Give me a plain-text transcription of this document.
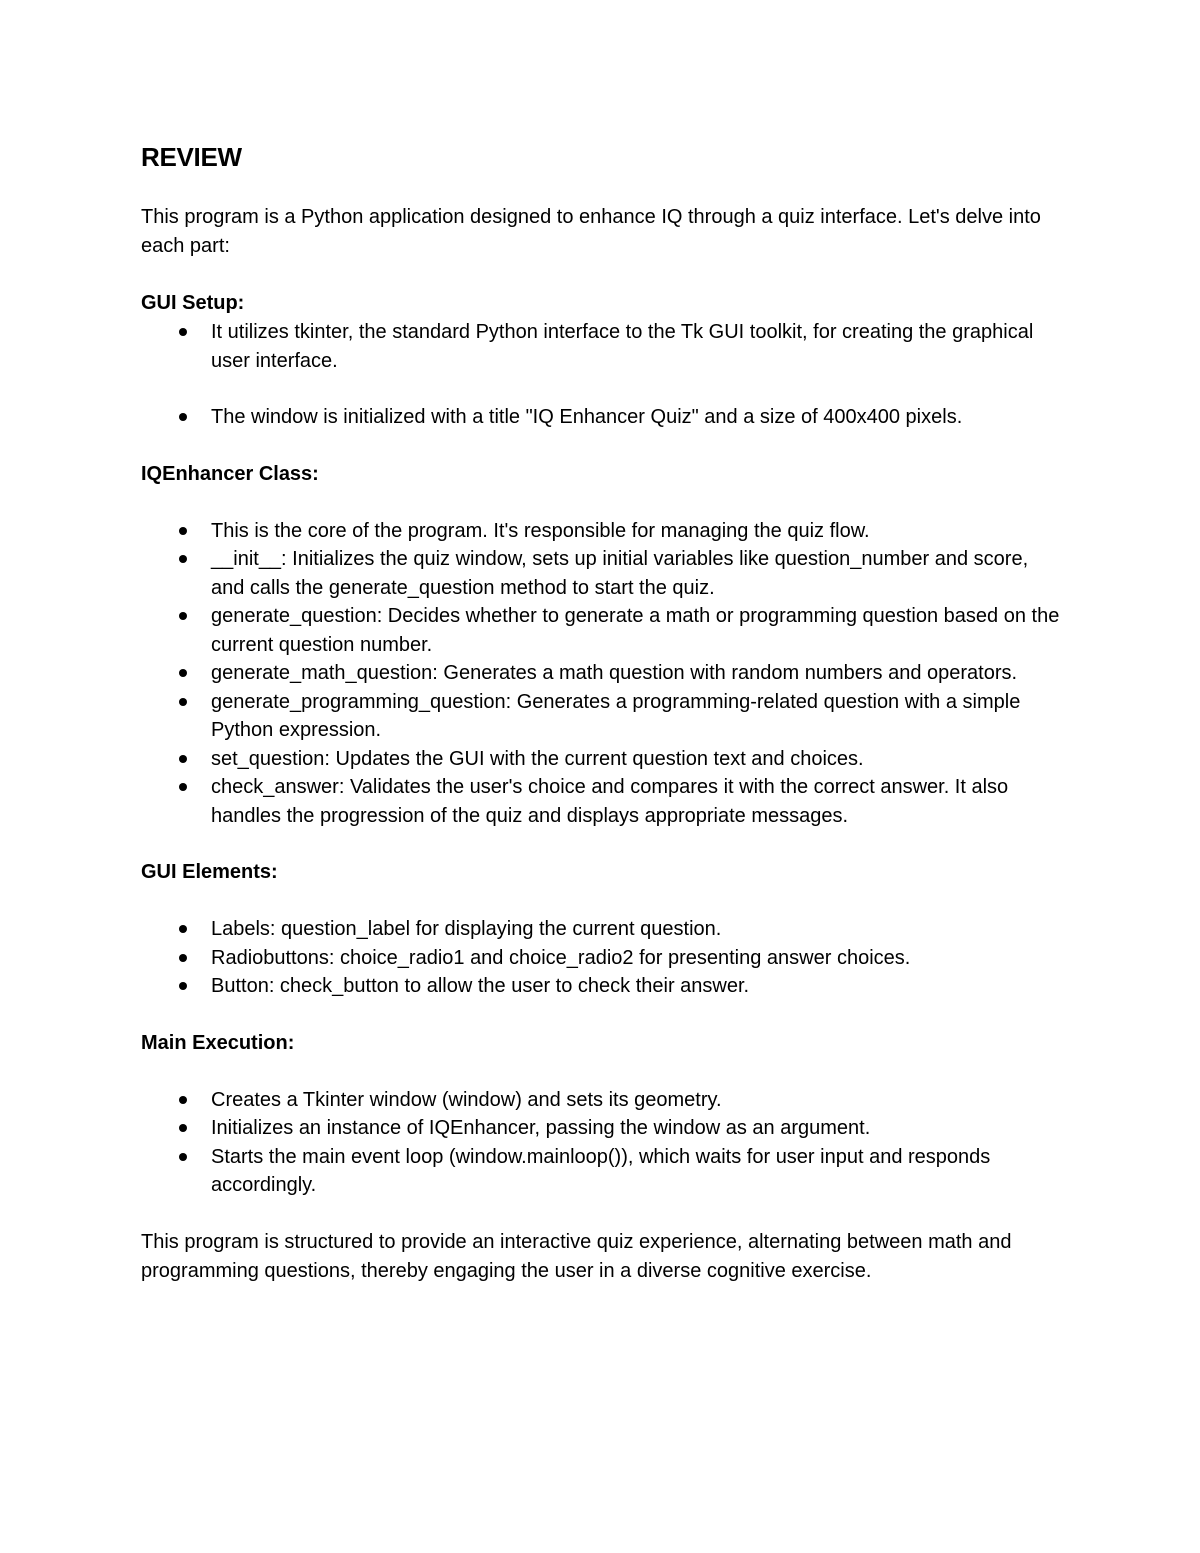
REVIEW

This program is a Python application designed to enhance IQ through a quiz interface. Let's delve into each part:

GUI Setup:
It utilizes tkinter, the standard Python interface to the Tk GUI toolkit, for creating the graphical user interface.
The window is initialized with a title "IQ Enhancer Quiz" and a size of 400x400 pixels.
IQEnhancer Class:
This is the core of the program. It's responsible for managing the quiz flow.
__init__: Initializes the quiz window, sets up initial variables like question_number and score, and calls the generate_question method to start the quiz.
generate_question: Decides whether to generate a math or programming question based on the current question number.
generate_math_question: Generates a math question with random numbers and operators.
generate_programming_question: Generates a programming-related question with a simple Python expression.
set_question: Updates the GUI with the current question text and choices.
check_answer: Validates the user's choice and compares it with the correct answer. It also handles the progression of the quiz and displays appropriate messages.
GUI Elements:
Labels: question_label for displaying the current question.
Radiobuttons: choice_radio1 and choice_radio2 for presenting answer choices.
Button: check_button to allow the user to check their answer.
Main Execution:
Creates a Tkinter window (window) and sets its geometry.
Initializes an instance of IQEnhancer, passing the window as an argument.
Starts the main event loop (window.mainloop()), which waits for user input and responds accordingly.

This program is structured to provide an interactive quiz experience, alternating between math and programming questions, thereby engaging the user in a diverse cognitive exercise.
